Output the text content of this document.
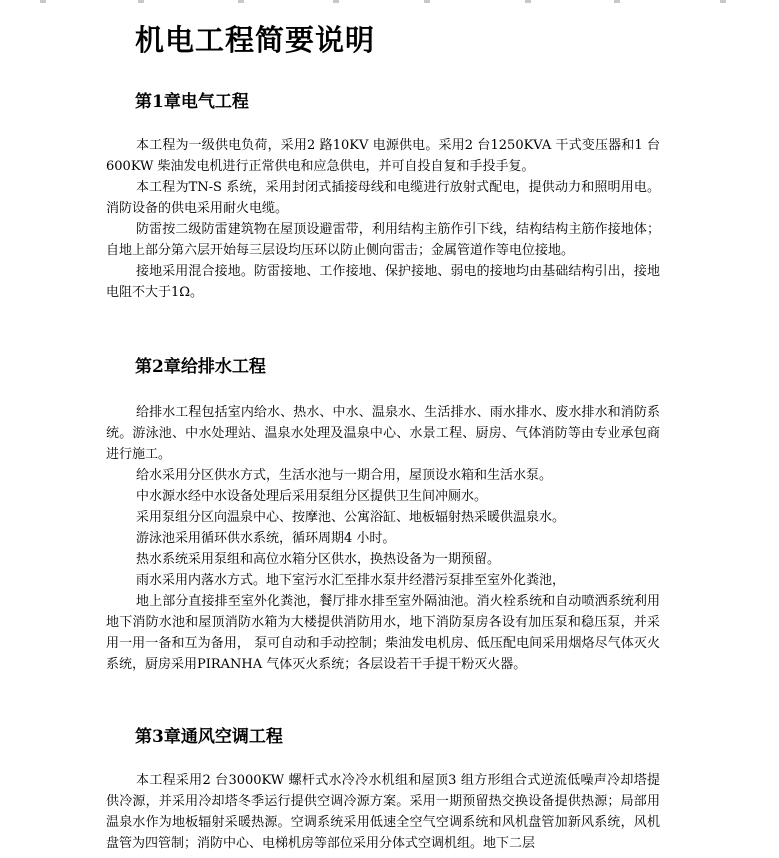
机电工程简要说明
第1章电气工程

本工程为一级供电负荷，采用2 路10KV 电源供电。采用2 台1250KVA 干式变压器和1 台600KW 柴油发电机进行正常供电和应急供电，并可自投自复和手投手复。

本工程为TN-S 系统，采用封闭式插接母线和电缆进行放射式配电，提供动力和照明用电。消防设备的供电采用耐火电缆。

防雷按二级防雷建筑物在屋顶设避雷带，利用结构主筋作引下线，结构结构主筋作接地体；自地上部分第六层开始每三层设均压环以防止侧向雷击；金属管道作等电位接地。

接地采用混合接地。防雷接地、工作接地、保护接地、弱电的接地均由基础结构引出，接地电阻不大于1Ω。

第2章给排水工程

给排水工程包括室内给水、热水、中水、温泉水、生活排水、雨水排水、废水排水和消防系统。游泳池、中水处理站、温泉水处理及温泉中心、水景工程、厨房、气体消防等由专业承包商进行施工。

给水采用分区供水方式，生活水池与一期合用，屋顶设水箱和生活水泵。

中水源水经中水设备处理后采用泵组分区提供卫生间冲厕水。

采用泵组分区向温泉中心、按摩池、公寓浴缸、地板辐射热采暖供温泉水。

游泳池采用循环供水系统，循环周期4 小时。

热水系统采用泵组和高位水箱分区供水，换热设备为一期预留。

雨水采用内落水方式。地下室污水汇至排水泵井经潜污泵排至室外化粪池，

地上部分直接排至室外化粪池，餐厅排水排至室外隔油池。消火栓系统和自动喷洒系统利用地下消防水池和屋顶消防水箱为大楼提供消防用水，地下消防泵房各设有加压泵和稳压泵，并采用一用一备和互为备用， 泵可自动和手动控制；柴油发电机房、低压配电间采用烟烙尽气体灭火系统，厨房采用PIRANHA 气体灭火系统；各层设若干手提干粉灭火器。

第3章通风空调工程

本工程采用2 台3000KW 螺杆式水冷冷水机组和屋顶3 组方形组合式逆流低噪声冷却塔提供冷源，并采用冷却塔冬季运行提供空调冷源方案。采用一期预留热交换设备提供热源；局部用温泉水作为地板辐射采暖热源。空调系统采用低速全空气空调系统和风机盘管加新风系统，风机盘管为四管制；消防中心、电梯机房等部位采用分体式空调机组。地下二层
